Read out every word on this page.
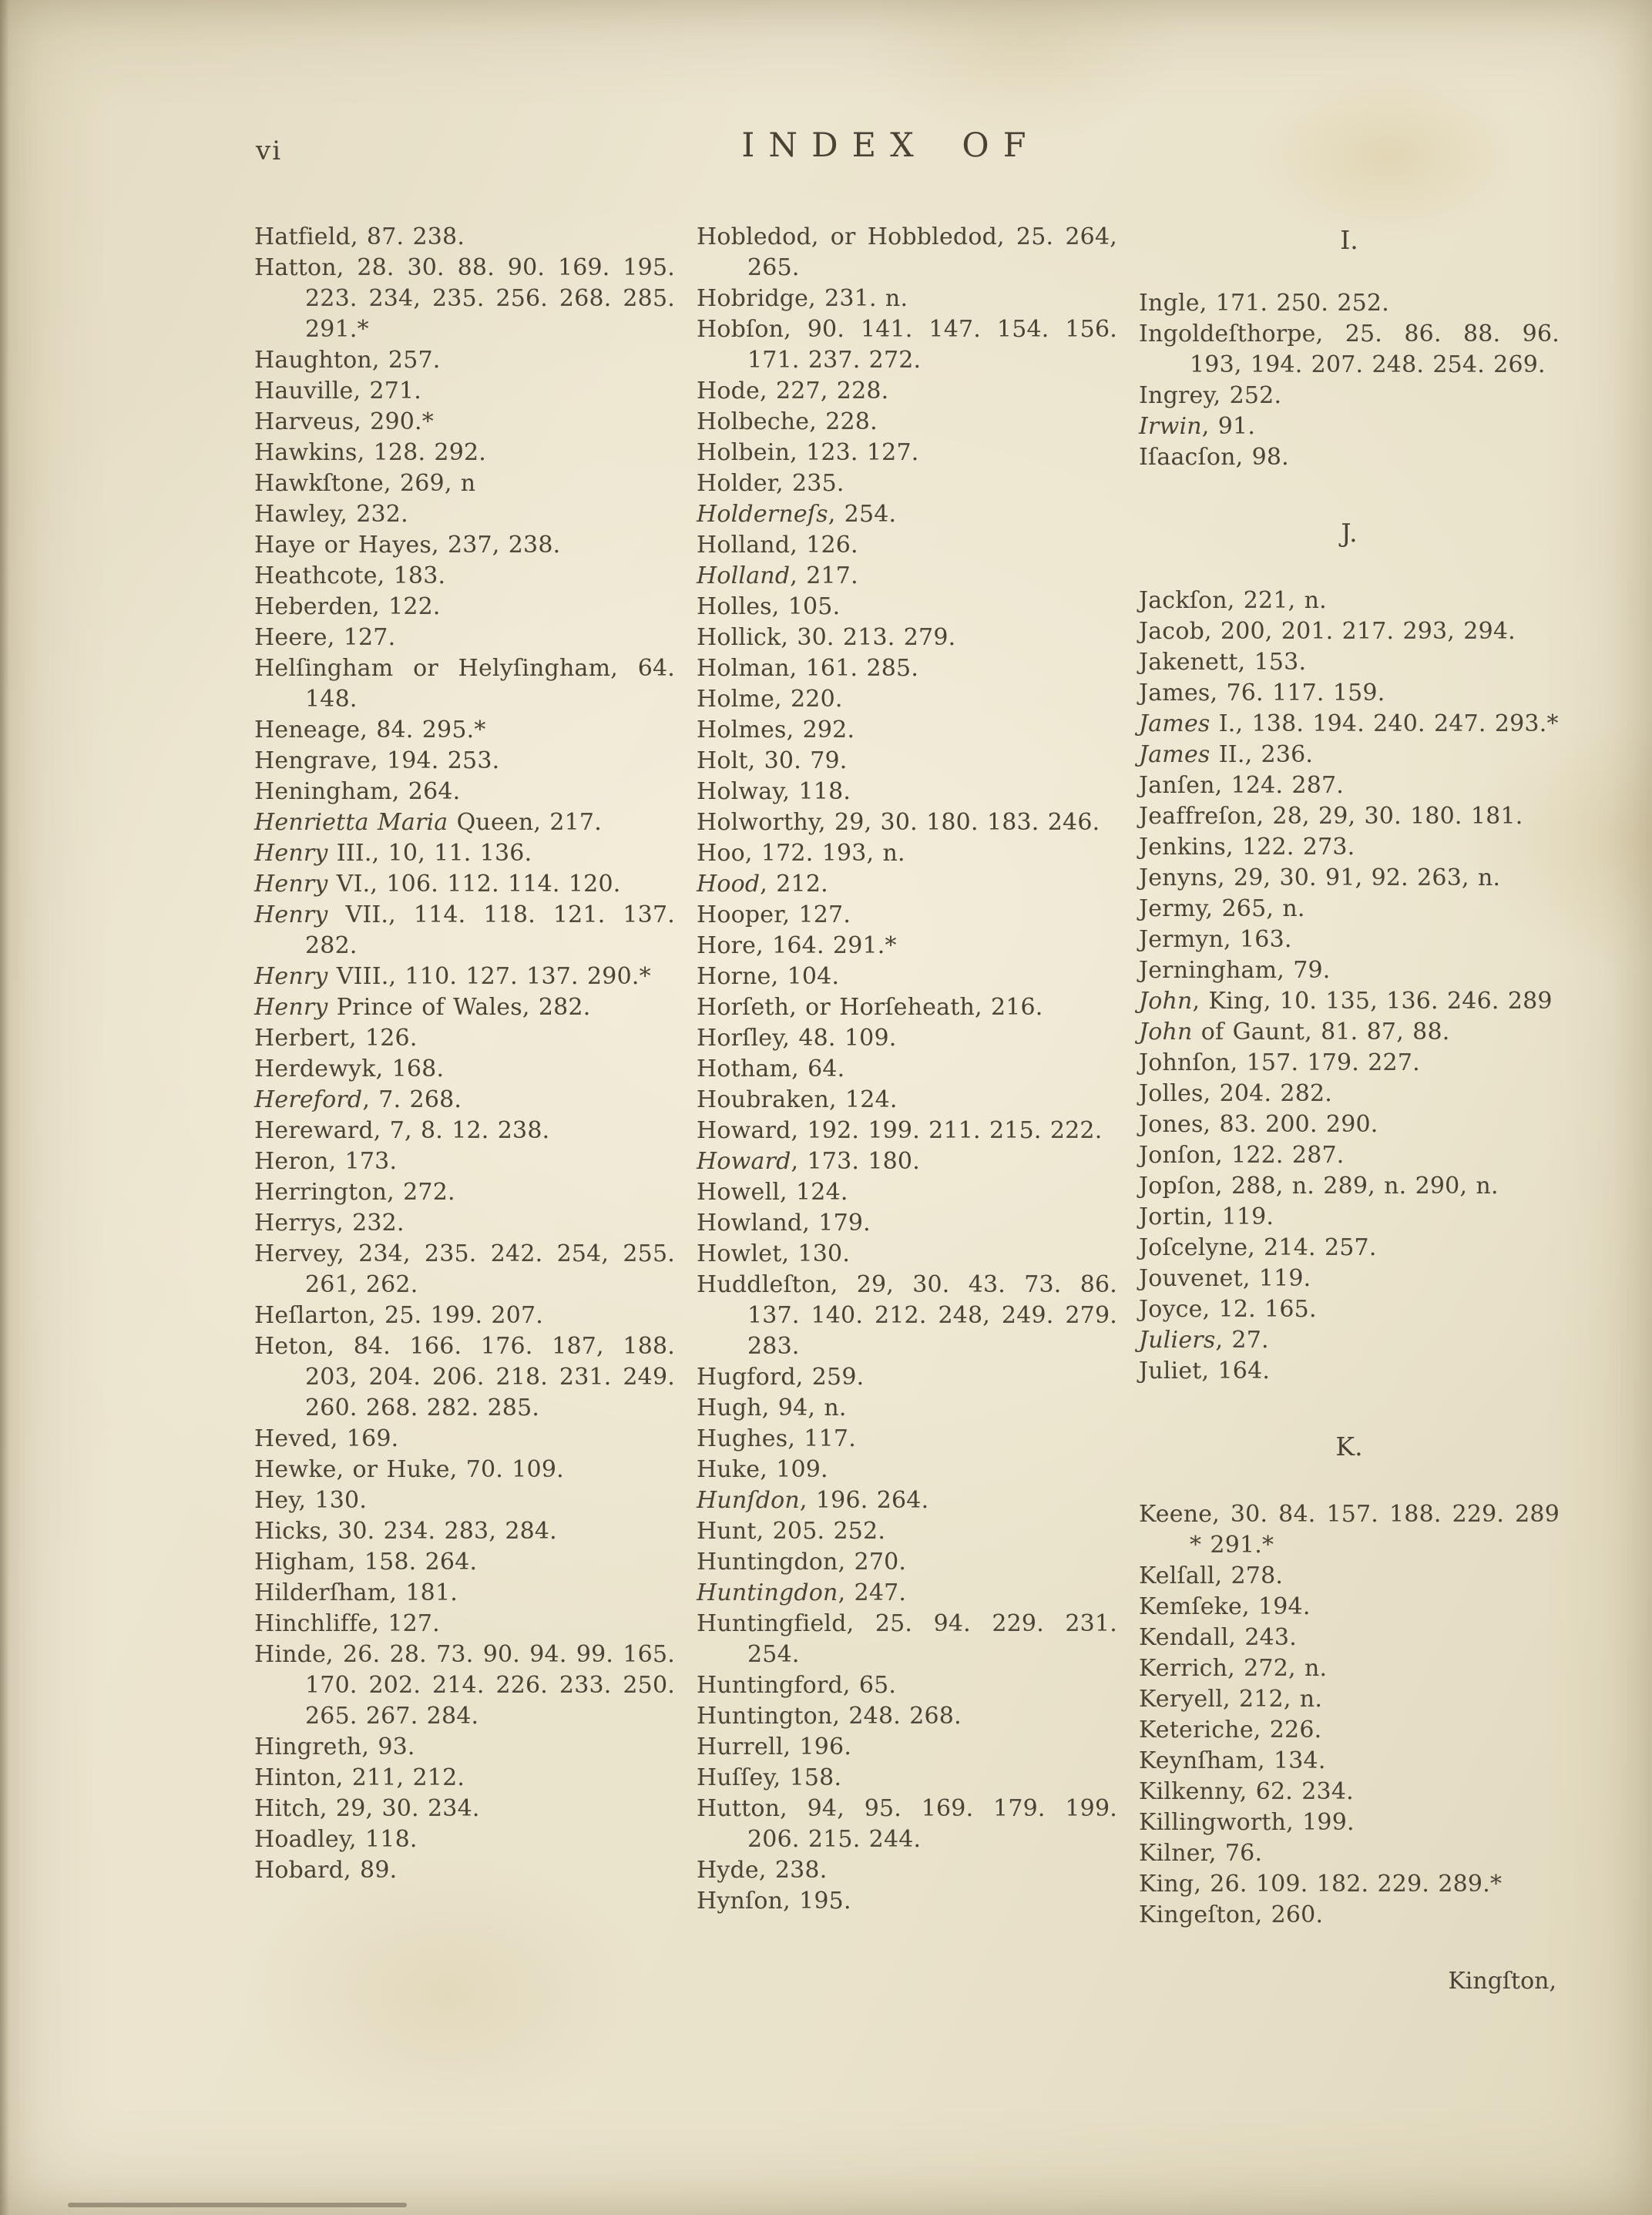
vi	INDEX OF

Hatfield, 87. 238.

Hatton, 28. 30. 88. 90. 169. 195. 223. 234, 235. 256. 268. 285. 291.*

Haughton, 257.

Hauville, 271.

Harveus, 290.*

Hawkins, 128. 292.

Hawkſtone, 269, n

Hawley, 232.

Haye or Hayes, 237, 238.

Heathcote, 183.

Heberden, 122.

Heere, 127.

Helſingham or Helyſingham, 64. 148.

Heneage, 84. 295.*

Hengrave, 194. 253.

Heningham, 264.

Henrietta Maria Queen, 217.

Henry III., 10, 11. 136.

Henry VI., 106. 112. 114. 120.

Henry VII., 114. 118. 121. 137. 282.

Henry VIII., 110. 127. 137. 290.*

Henry Prince of Wales, 282.

Herbert, 126.

Herdewyk, 168.

Hereford, 7. 268.

Hereward, 7, 8. 12. 238.

Heron, 173.

Herrington, 272.

Herrys, 232.

Hervey, 234, 235. 242. 254, 255. 261, 262.

Heſlarton, 25. 199. 207.

Heton, 84. 166. 176. 187, 188. 203, 204. 206. 218. 231. 249. 260. 268. 282. 285.

Heved, 169.

Hewke, or Huke, 70. 109.

Hey, 130.

Hicks, 30. 234. 283, 284.

Higham, 158. 264.

Hilderſham, 181.

Hinchliffe, 127.

Hinde, 26. 28. 73. 90. 94. 99. 165. 170. 202. 214. 226. 233. 250. 265. 267. 284.

Hingreth, 93.

Hinton, 211, 212.

Hitch, 29, 30. 234.

Hoadley, 118.

Hobard, 89.

Hobledod, or Hobbledod, 25. 264, 265.

Hobridge, 231. n.

Hobſon, 90. 141. 147. 154. 156. 171. 237. 272.

Hode, 227, 228.

Holbeche, 228.

Holbein, 123. 127.

Holder, 235.

Holderneſs, 254.

Holland, 126.

Holland, 217.

Holles, 105.

Hollick, 30. 213. 279.

Holman, 161. 285.

Holme, 220.

Holmes, 292.

Holt, 30. 79.

Holway, 118.

Holworthy, 29, 30. 180. 183. 246.

Hoo, 172. 193, n.

Hood, 212.

Hooper, 127.

Hore, 164. 291.*

Horne, 104.

Horſeth, or Horſeheath, 216.

Horſley, 48. 109.

Hotham, 64.

Houbraken, 124.

Howard, 192. 199. 211. 215. 222.

Howard, 173. 180.

Howell, 124.

Howland, 179.

Howlet, 130.

Huddleſton, 29, 30. 43. 73. 86. 137. 140. 212. 248, 249. 279. 283.

Hugford, 259.

Hugh, 94, n.

Hughes, 117.

Huke, 109.

Hunſdon, 196. 264.

Hunt, 205. 252.

Huntingdon, 270.

Huntingdon, 247.

Huntingfield, 25. 94. 229. 231. 254.

Huntingford, 65.

Huntington, 248. 268.

Hurrell, 196.

Huſſey, 158.

Hutton, 94, 95. 169. 179. 199. 206. 215. 244.

Hyde, 238.

Hynſon, 195.

I.

Ingle, 171. 250. 252.

Ingoldeſthorpe, 25. 86. 88. 96. 193, 194. 207. 248. 254. 269.

Ingrey, 252.

Irwin, 91.

Iſaacſon, 98.

J.

Jackſon, 221, n.

Jacob, 200, 201. 217. 293, 294.

Jakenett, 153.

James, 76. 117. 159.

James I., 138. 194. 240. 247. 293.*

James II., 236.

Janſen, 124. 287.

Jeaffreſon, 28, 29, 30. 180. 181.

Jenkins, 122. 273.

Jenyns, 29, 30. 91, 92. 263, n.

Jermy, 265, n.

Jermyn, 163.

Jerningham, 79.

John, King, 10. 135, 136. 246. 289

John of Gaunt, 81. 87, 88.

Johnſon, 157. 179. 227.

Jolles, 204. 282.

Jones, 83. 200. 290.

Jonſon, 122. 287.

Jopſon, 288, n. 289, n. 290, n.

Jortin, 119.

Joſcelyne, 214. 257.

Jouvenet, 119.

Joyce, 12. 165.

Juliers, 27.

Juliet, 164.

K.

Keene, 30. 84. 157. 188. 229. 289 * 291.*

Kelſall, 278.

Kemſeke, 194.

Kendall, 243.

Kerrich, 272, n.

Keryell, 212, n.

Keteriche, 226.

Keynſham, 134.

Kilkenny, 62. 234.

Killingworth, 199.

Kilner, 76.

King, 26. 109. 182. 229. 289.*

Kingeſton, 260.

Kingſton,
